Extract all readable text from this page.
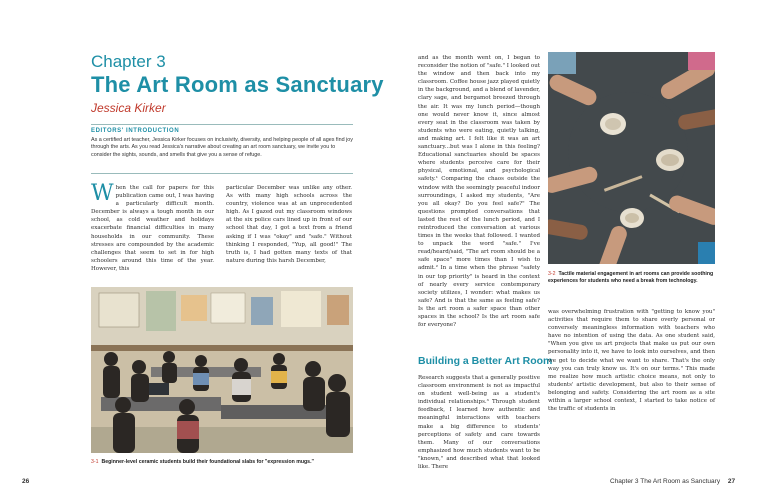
Chapter 3
The Art Room as Sanctuary
Jessica Kirker
EDITORS' INTRODUCTION
As a certified art teacher, Jessica Kirker focuses on inclusivity, diversity, and helping people of all ages find joy through the arts. As you read Jessica's narrative about creating an art room sanctuary, we invite you to consider the sights, sounds, and smells that give you a sense of refuge.

When the call for papers for this publication came out, I was having a particularly difficult month. December is always a tough month in our school, as cold weather and holidays exacerbate financial difficulties in many households in our community. These stresses are compounded by the academic challenges that seem to set in for high schoolers around this time of the year. However, this

particular December was unlike any other. As with many high schools across the country, violence was at an unprecedented high. As I gazed out my classroom windows at the six police cars lined up in front of our school that day, I got a text from a friend asking if I was "okay" and "safe." Without thinking I responded, "Yup, all good!" The truth is, I had gotten many texts of that nature during this harsh December,

3-1 Beginner-level ceramic students build their foundational slabs for "expression mugs."
26

and as the month went on, I began to reconsider the notion of "safe." I looked out the window and then back into my classroom. Coffee house jazz played quietly in the background, and a blend of lavender, clary sage, and bergamot breezed through the air. It was my lunch period—though one would never know it, since almost every seat in the classroom was taken by students who were eating, quietly talking, and making art. I felt like it was an art sanctuary...but was I alone in this feeling? Educational sanctuaries should be spaces where students perceive care for their physical, emotional, and psychological safety.¹ Comparing the chaos outside the window with the seemingly peaceful indoor surroundings, I asked my students, "Are you all okay? Do you feel safe?" The questions prompted conversations that lasted the rest of the lunch period, and I reintroduced the conversation at various times in the weeks that followed. I wanted to unpack the word "safe." I've read/heard/said, "The art room should be a safe space" more times than I wish to admit.² In a time when the phrase "safety in our top priority" is heard in the context of nearly every service contemporary society utilizes, I wonder: what makes us safe? And is that the same as feeling safe? Is the art room a safer space than other spaces in the school? Is the art room safe for everyone?

Building a Better Art Room

Research suggests that a generally positive classroom environment is not as impactful on student well-being as a student's individual relationships.³ Through student feedback, I learned how authentic and meaningful interactions with teachers make a big difference to students' perceptions of safety and care towards them. Many of our conversations emphasized how much students want to be "known," and described what that looked like. There

3-2 Tactile material engagement in art rooms can provide soothing experiences for students who need a break from technology.

was overwhelming frustration with "getting to know you" activities that require them to share overly personal or conversely meaningless information with teachers who have no intention of using the data. As one student said, "When you give us art projects that make us put our own personality into it, we have to look into ourselves, and then we get to decide what we want to share. That's the only way you can truly know us. It's on our terms." This made me realize how much artistic choice means, not only to students' artistic development, but also to their sense of belonging and safety. Considering the art room as a site within a larger school context, I started to take notice of the traffic of students in

Chapter 3 The Art Room as Sanctuary 27
